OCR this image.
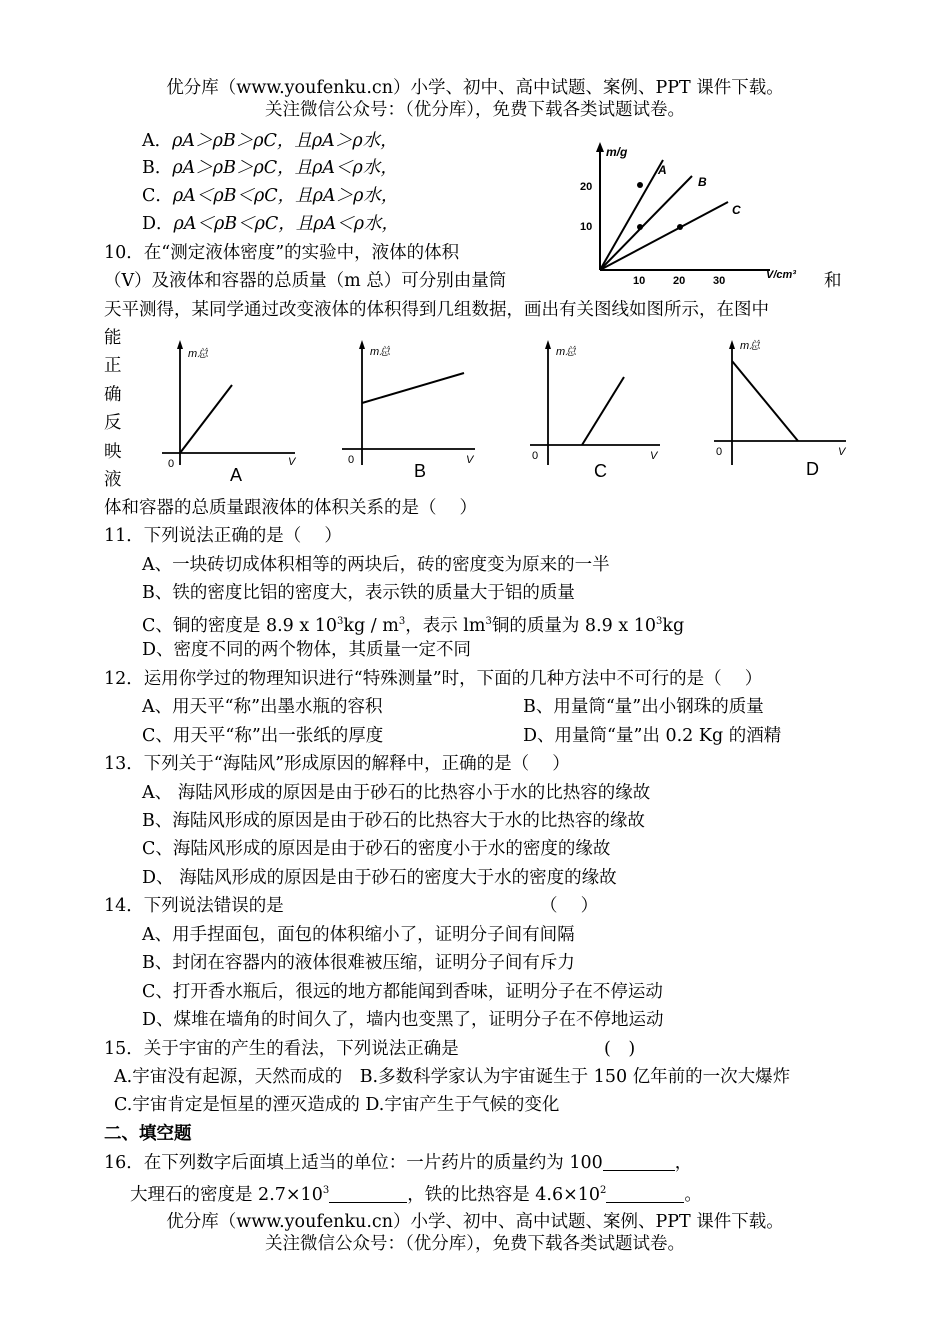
优分库（www.youfenku.cn）小学、初中、高中试题、案例、PPT 课件下载。
关注微信公众号：（优分库），免费下载各类试题试卷。
A．ρA＞ρB＞ρC，且ρA＞ρ水，
B．ρA＞ρB＞ρC，且ρA＜ρ水，
C．ρA＜ρB＜ρC，且ρA＞ρ水，
D．ρA＜ρB＜ρC，且ρA＜ρ水，
m/g
V/cm³
20
10
10	20	30
A
B
C
10．在“测定液体密度”的实验中，液体的体积
（V）及液体和容器的总质量（m 总）可分别由量筒	和
天平测得，某同学通过改变液体的体积得到几组数据，画出有关图线如图所示，在图中
能
正
确
反
映
液
m总
V
0
A
m总
V
0
B
m总
V
0
C
m总
V
0
D
体和容器的总质量跟液体的体积关系的是（　 ）
11．下列说法正确的是（　 ）
A、一块砖切成体积相等的两块后，砖的密度变为原来的一半
B、铁的密度比铝的密度大，表示铁的质量大于铝的质量
C、铜的密度是 8.9 x $10^3kg / m^3$，表示 $lm^3$铜的质量为 8.9 x $10^3kg$
D、密度不同的两个物体，其质量一定不同
12．运用你学过的物理知识进行“特殊测量”时，下面的几种方法中不可行的是（　 ）
A、用天平“称”出墨水瓶的容积	B、用量筒“量”出小钢珠的质量
C、用天平“称”出一张纸的厚度	D、用量筒“量”出 0.2 Kg 的酒精
13．下列关于“海陆风”形成原因的解释中，正确的是（　 ）
A、 海陆风形成的原因是由于砂石的比热容小于水的比热容的缘故
B、海陆风形成的原因是由于砂石的比热容大于水的比热容的缘故
C、海陆风形成的原因是由于砂石的密度小于水的密度的缘故
D、 海陆风形成的原因是由于砂石的密度大于水的密度的缘故
14．下列说法错误的是	（　 ）
A、用手捏面包，面包的体积缩小了，证明分子间有间隔
B、封闭在容器内的液体很难被压缩，证明分子间有斥力
C、打开香水瓶后，很远的地方都能闻到香味，证明分子在不停运动
D、煤堆在墙角的时间久了，墙内也变黑了，证明分子在不停地运动
15．关于宇宙的产生的看法，下列说法正确是	(　)
A.宇宙没有起源，天然而成的　B.多数科学家认为宇宙诞生于 150 亿年前的一次大爆炸
C.宇宙肯定是恒星的湮灭造成的 D.宇宙产生于气候的变化
二、填空题
16．在下列数字后面填上适当的单位：一片药片的质量约为 100	，
大理石的密度是 $2.7\times 10^3$	，铁的比热容是 $4.6\times 10^2$	。
优分库（www.youfenku.cn）小学、初中、高中试题、案例、PPT 课件下载。
关注微信公众号：（优分库），免费下载各类试题试卷。
